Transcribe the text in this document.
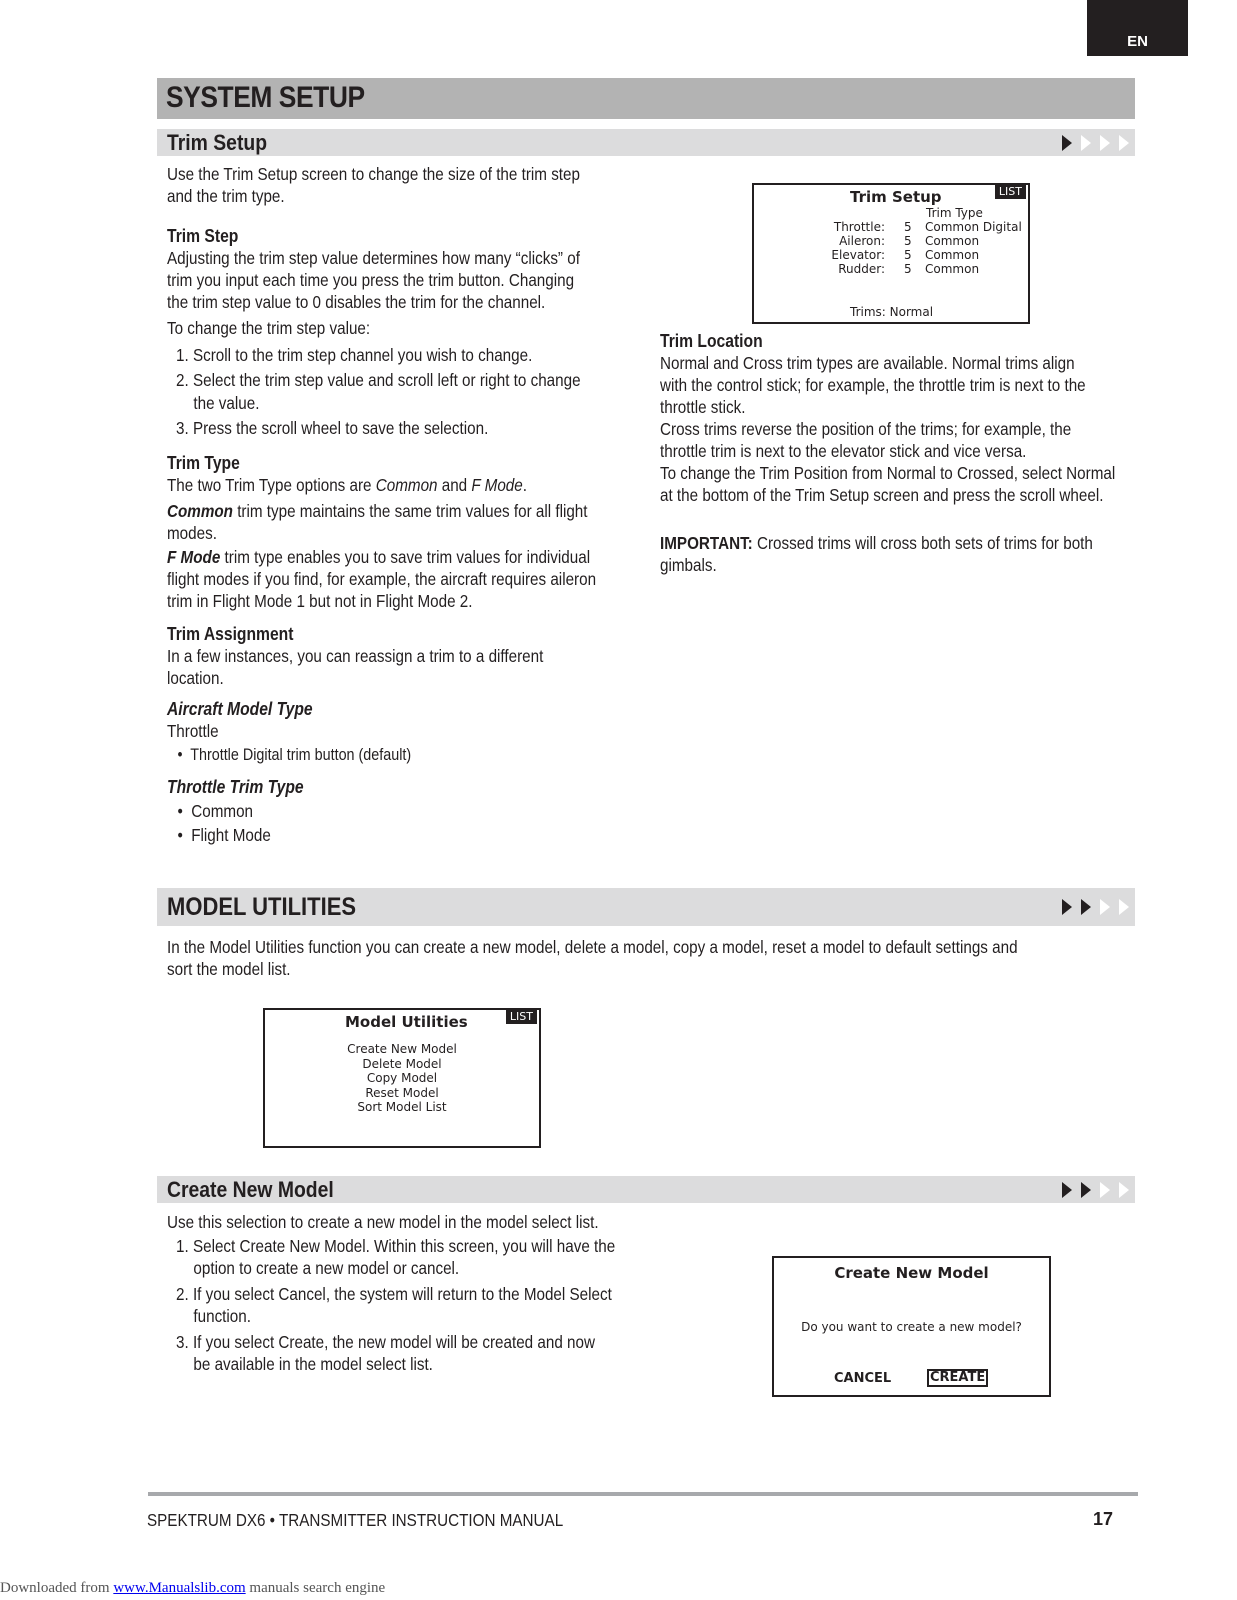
EN
SYSTEM SETUP
Trim Setup
Use the Trim Setup screen to change the size of the trim step
and the trim type.
Trim Step
Adjusting the trim step value determines how many “clicks” of
trim you input each time you press the trim button. Changing
the trim step value to 0 disables the trim for the channel.
To change the trim step value:
1. Scroll to the trim step channel you wish to change.
2. Select the trim step value and scroll left or right to change
the value.
3. Press the scroll wheel to save the selection.
Trim Type
The two Trim Type options are Common and F Mode.
Common trim type maintains the same trim values for all flight
modes.
F Mode trim type enables you to save trim values for individual
flight modes if you find, for example, the aircraft requires aileron
trim in Flight Mode 1 but not in Flight Mode 2.
Trim Assignment
In a few instances, you can reassign a trim to a different
location.
Aircraft Model Type
Throttle
•  Throttle Digital trim button (default)
Throttle Trim Type
•  Common
•  Flight Mode
LIST
Trim Setup
Trim Type
Throttle: 5 Common Digital
Aileron: 5 Common
Elevator: 5 Common
Rudder: 5 Common
Trims: Normal
Trim Location
Normal and Cross trim types are available. Normal trims align
with the control stick; for example, the throttle trim is next to the
throttle stick.
Cross trims reverse the position of the trims; for example, the
throttle trim is next to the elevator stick and vice versa.
To change the Trim Position from Normal to Crossed, select Normal
at the bottom of the Trim Setup screen and press the scroll wheel.
IMPORTANT: Crossed trims will cross both sets of trims for both
gimbals.
MODEL UTILITIES
In the Model Utilities function you can create a new model, delete a model, copy a model, reset a model to default settings and
sort the model list.
LIST
Model Utilities
Create New Model
Delete Model
Copy Model
Reset Model
Sort Model List
Create New Model
Use this selection to create a new model in the model select list.
1. Select Create New Model. Within this screen, you will have the
option to create a new model or cancel.
2. If you select Cancel, the system will return to the Model Select
function.
3. If you select Create, the new model will be created and now
be available in the model select list.
Create New Model
Do you want to create a new model?
CANCEL	CREATE
SPEKTRUM DX6 • TRANSMITTER INSTRUCTION MANUAL	17
Downloaded from www.Manualslib.com manuals search engine
